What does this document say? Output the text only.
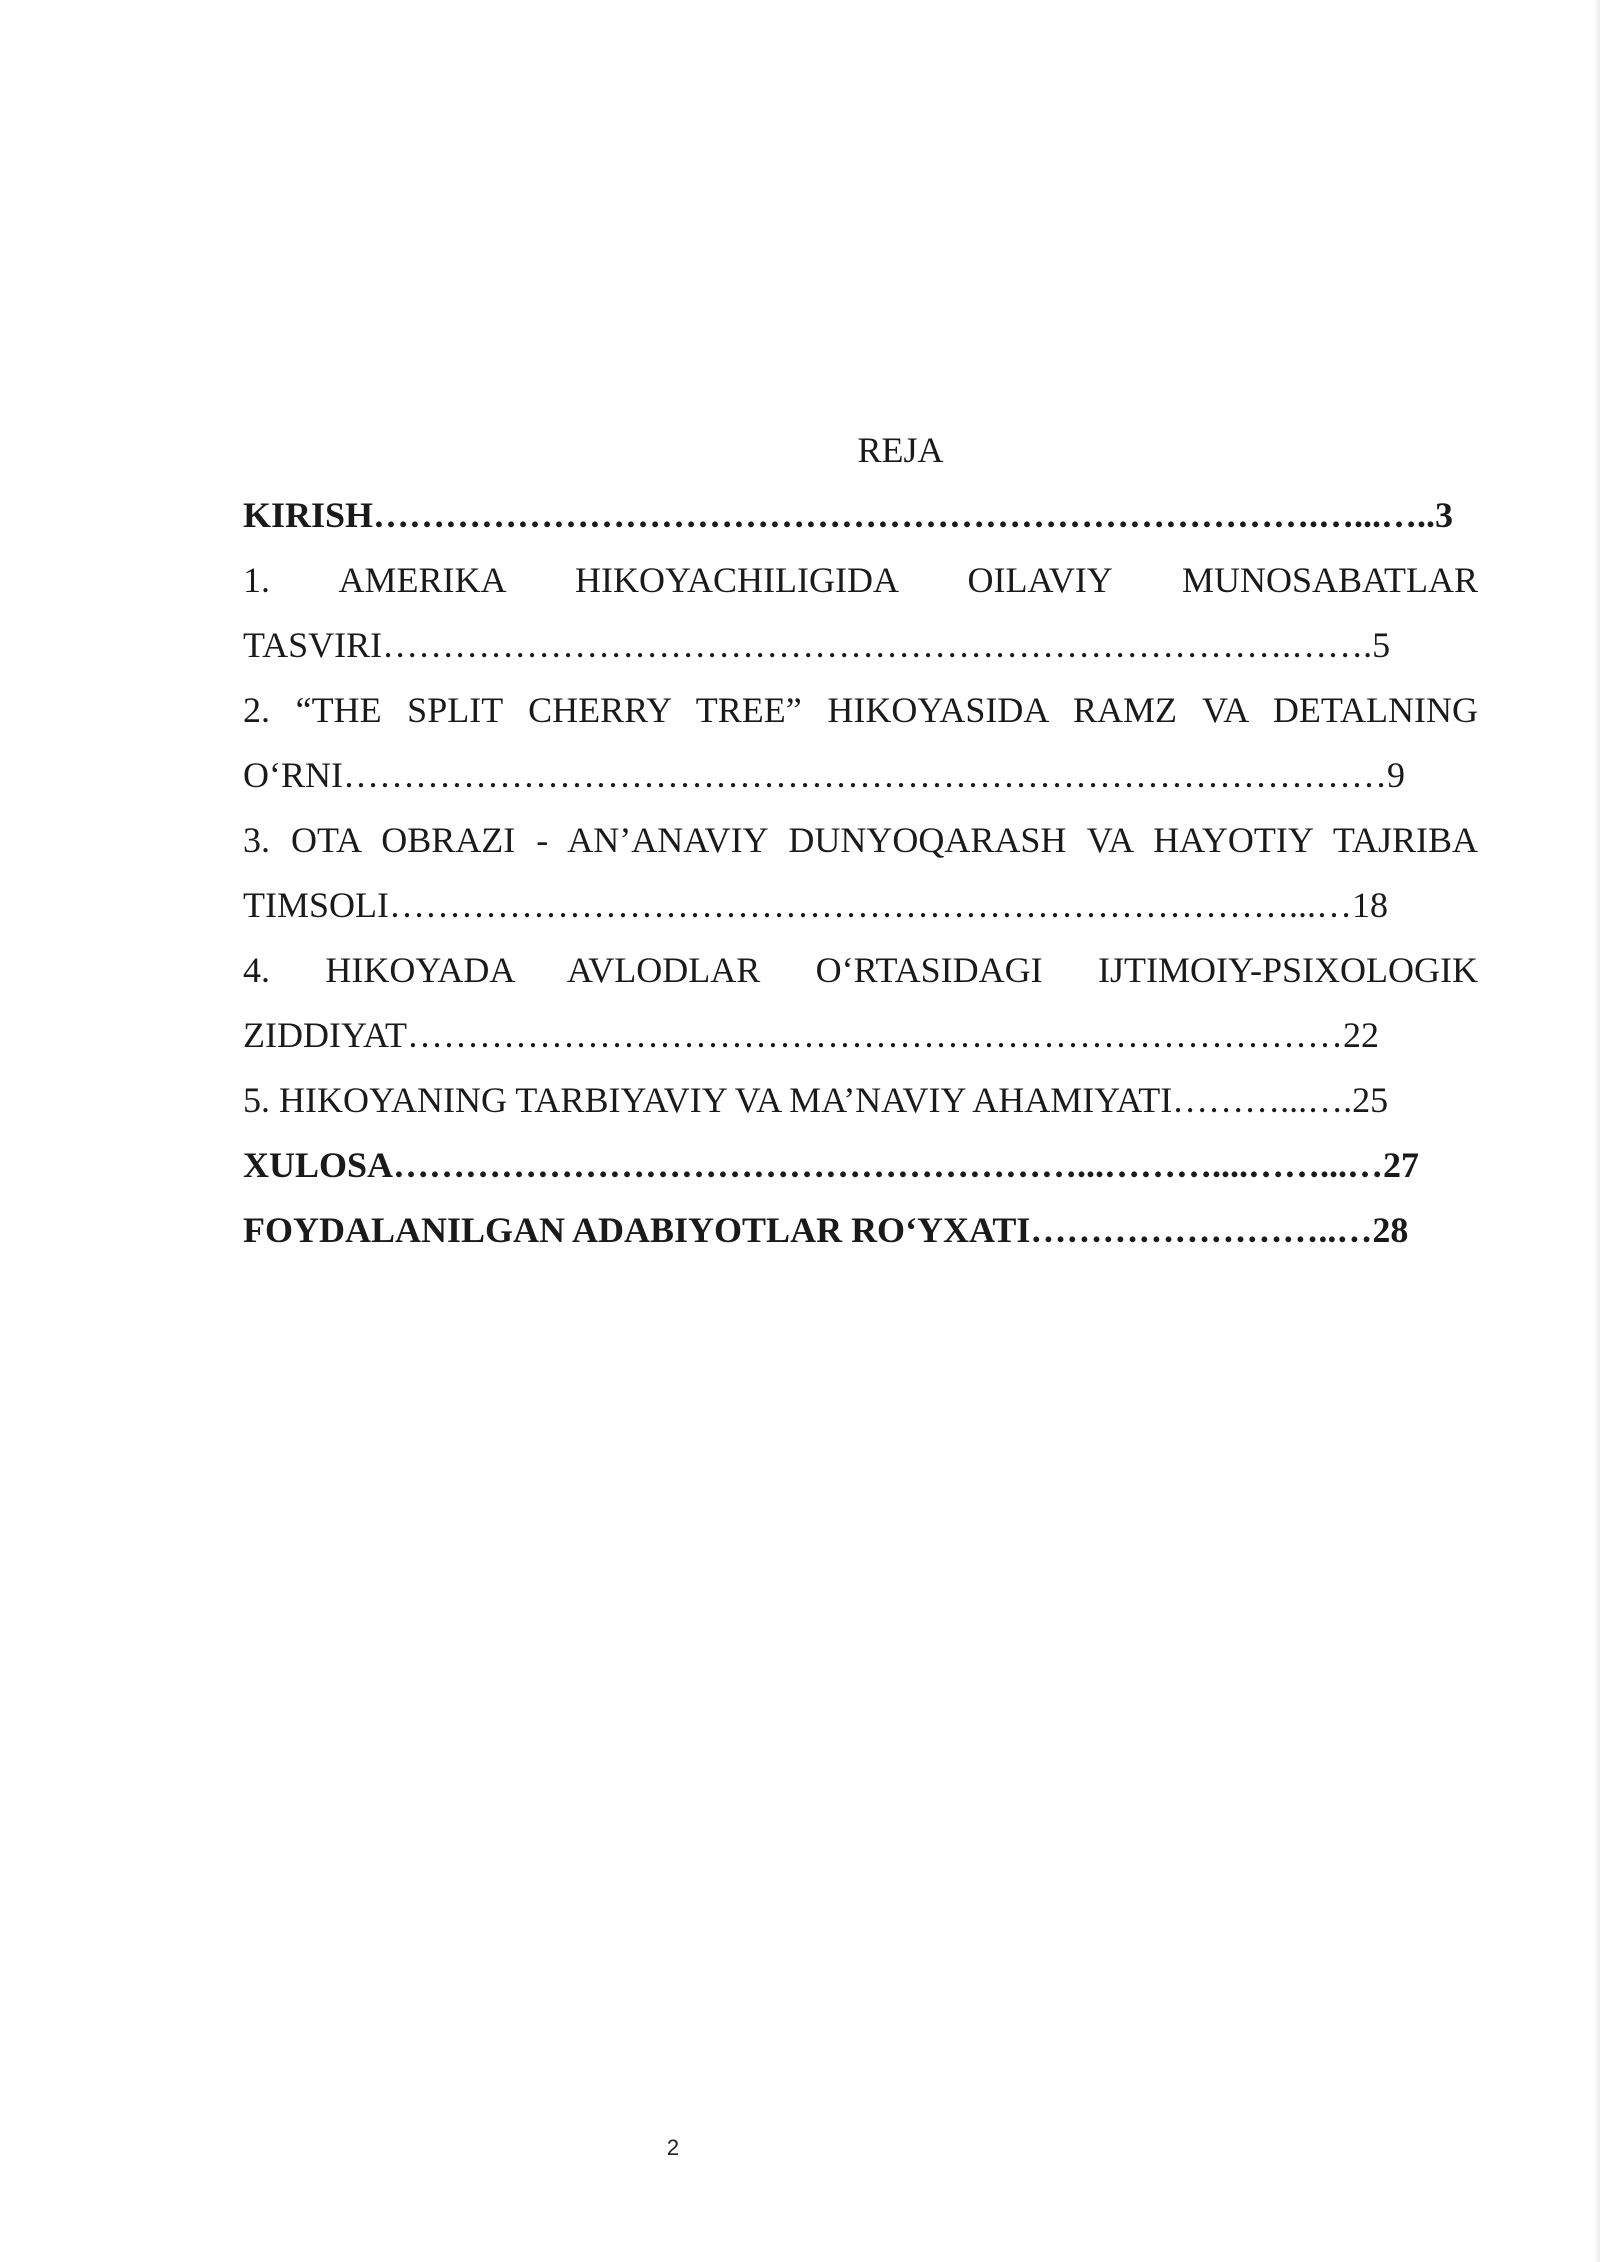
REJA
KIRISH…………………………………………………………………….…...…..3
1. AMERIKA HIKOYACHILIGIDA OILAVIY MUNOSABATLAR
TASVIRI………………………………………………………………….…….5
2. “THE SPLIT CHERRY TREE” HIKOYASIDA RAMZ VA DETALNING
O‘RNI……………………………………………………………………………9
3. OTA OBRAZI - AN’ANAVIY DUNYOQARASH VA HAYOTIY TAJRIBA
TIMSOLI…………………………………………………………………...…18
4. HIKOYADA AVLODLAR O‘RTASIDAGI IJTIMOIY-PSIXOLOGIK
ZIDDIYAT……………………………………………………………………22
5. HIKOYANING TARBIYAVIY VA MA’NAVIY AHAMIYATI………...….25
XULOSA…………………………………………………...………....……...…27
FOYDALANILGAN ADABIYOTLAR RO‘YXATI……………………..…28
2
